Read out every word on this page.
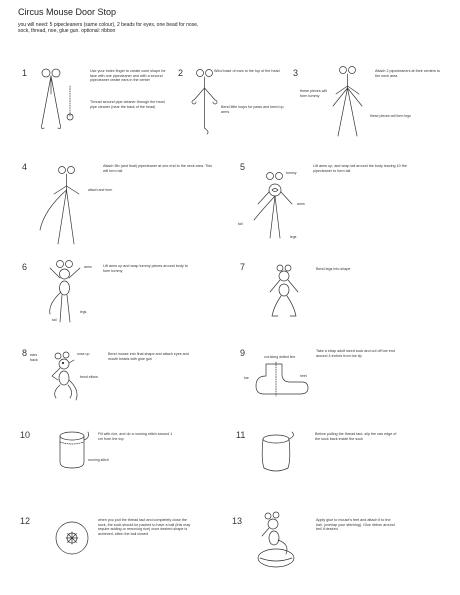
Circus Mouse Door Stop
you will need: 5 pipecleaners (same colour), 2 beads for eyes, one bead for nose,
sock, thread, noe, glue gun. optional: ribbon
1	Use your index finger to create cone shape for face with one pipecleaner and with a second pipecleaner create ears in the center
Thread second pipe cleaner through the head pipe cleaner (near the back of the head)
2	Wind base of ears to the top of the head
Bend little loops for paws and bend up arms
3	Attach 2 pipecleaners at their centers to the neck area
these pieces will form tummy
these pieces will form legs
4	Attach 5th (and final) pipecleaner at one end to the neck area. This will form tail
attach and form
5	Lift arms up, and wrap tail around the body leaving 10 the pipecleaner to form tail
tummy
arms
tail
legs
6	Lift arms up and wrap tummy pieces around body to form tummy
arms
legs
tail
7	Bend legs into shape
8	Bend mouse into final shape and attach eyes and mouth beads with glue gun
ears back
nose up
bend elbow
9	Take a strap adult sized sock and cut off toe end around 4 inches from toe tip
cut along dotted line
toe	heel
10	Fill with rice, and do a running stitch around 1 cm from the top
running stitch
11	Before pulling the thread taut, slip the raw edge of the sock back inside the sock
12	when you pull the thread taut and completely close the sock, the sock should be packed to have a ball (this may require adding or removing rice) once desired shape is achieved, stitch the ball closed
13	Apply glue to mouse's feet and attach it to the ball, (overlap your stitching). Glue ribbon around bell if desired
